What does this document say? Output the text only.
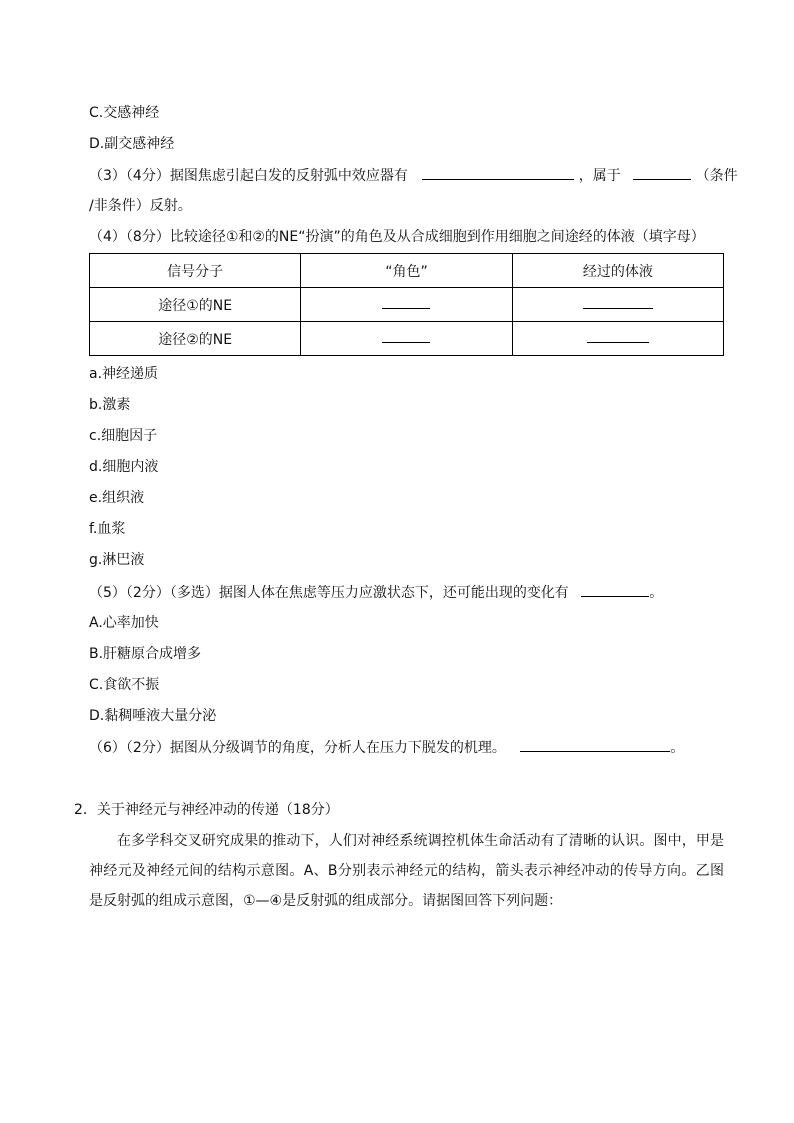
C.交感神经
D.副交感神经
（3）（4分）据图焦虑引起白发的反射弧中效应器有	，属于	（条件
/非条件）反射。
（4）（8分）比较途径①和②的NE“扮演”的角色及从合成细胞到作用细胞之间途经的体液（填字母）
信号分子	“角色”	经过的体液
途径①的NE		
途径②的NE		
a.神经递质
b.激素
c.细胞因子
d.细胞内液
e.组织液
f.血浆
g.淋巴液
（5）（2分）（多选）据图人体在焦虑等压力应激状态下，还可能出现的变化有	。
A.心率加快
B.肝糖原合成增多
C.食欲不振
D.黏稠唾液大量分泌
（6）（2分）据图从分级调节的角度，分析人在压力下脱发的机理。	。
2．关于神经元与神经冲动的传递（18分）
在多学科交叉研究成果的推动下，人们对神经系统调控机体生命活动有了清晰的认识。图中，甲是神经元及神经元间的结构示意图。A、B分别表示神经元的结构，箭头表示神经冲动的传导方向。乙图是反射弧的组成示意图，①—④是反射弧的组成部分。请据图回答下列问题：
